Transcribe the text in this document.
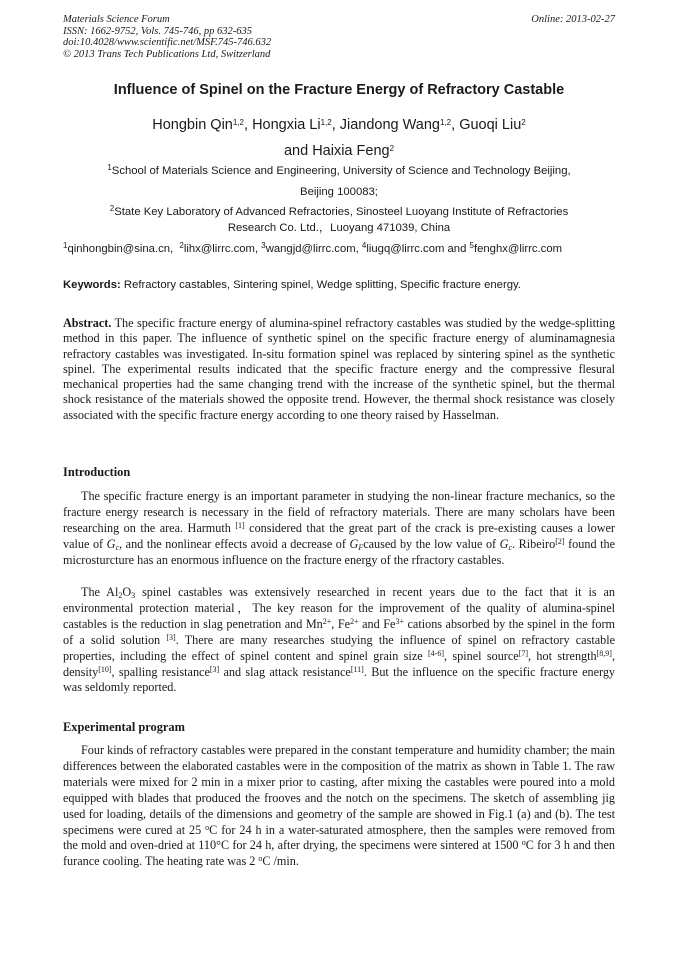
Materials Science Forum
ISSN: 1662-9752, Vols. 745-746, pp 632-635
doi:10.4028/www.scientific.net/MSF.745-746.632
© 2013 Trans Tech Publications Ltd, Switzerland
Online: 2013-02-27
Influence of Spinel on the Fracture Energy of Refractory Castable
Hongbin Qin$^{1,2}$, Hongxia Li$^{1,2}$, Jiandong Wang$^{1,2}$, Guoqi Liu$^2$
and Haixia Feng$^2$
$^1$School of Materials Science and Engineering, University of Science and Technology Beijing,
Beijing 100083;
$^2$State Key Laboratory of Advanced Refractories, Sinosteel Luoyang Institute of Refractories
Research Co. Ltd.，Luoyang 471039, China
$^1$qinhongbin@sina.cn, $^2$lihx@lirrc.com, $^3$wangjd@lirrc.com, $^4$liugq@lirrc.com and $^5$fenghx@lirrc.com
Keywords: Refractory castables, Sintering spinel, Wedge splitting, Specific fracture energy.
Abstract. The specific fracture energy of alumina-spinel refractory castables was studied by the wedge-splitting method in this paper. The influence of synthetic spinel on the specific fracture energy of aluminamagnesia refractory castables was investigated. In-situ formation spinel was replaced by sintering spinel as the synthetic spinel. The experimental results indicated that the specific fracture energy and the compressive flesural mechanical properties had the same changing trend with the increase of the synthetic spinel, but the thermal shock resistance of the materials showed the opposite trend. However, the thermal shock resistance was closely associated with the specific fracture energy according to one theory raised by Hasselman.
Introduction

The specific fracture energy is an important parameter in studying the non-linear fracture mechanics, so the fracture energy research is necessary in the field of refractory materials. There are many scholars have been researching on the area. Harmuth [1] considered that the great part of the crack is pre-existing causes a lower value of $G_c$, and the nonlinear effects avoid a decrease of $G_Fcaused$ by the low value of $G_c$. Ribeiro[2] found the microsturcture has an enormous influence on the fracture energy of the rfractory castables.

The $Al_2O_3$ spinel castables was extensively researched in recent years due to the fact that it is an environmental protection material，The key reason for the improvement of the quality of alumina-spinel castables is the reduction in slag penetration and $Mn^{2+}$, $Fe^{2+}$ and $Fe^{3+}$ cations absorbed by the spinel in the form of a solid solution [3]. There are many researches studying the influence of spinel on refractory castable properties, including the effect of spinel content and spinel grain size [4-6], spinel source[7], hot strength[8,9], density[10], spalling resistance[3] and slag attack resistance[11]. But the influence on the specific fracture energy was seldomly reported.

Experimental program

Four kinds of refractory castables were prepared in the constant temperature and humidity chamber; the main differences between the elaborated castables were in the composition of the matrix as shown in Table 1. The raw materials were mixed for 2 min in a mixer prior to casting, after mixing the castables were poured into a mold equipped with blades that produced the frooves and the notch on the specimens. The sketch of assembling jig used for loading, details of the dimensions and geometry of the sample are showed in Fig.1 (a) and (b). The test specimens were cured at 25 $^o$C for 24 h in a water-saturated atmosphere, then the samples were removed from the mold and oven-dried at 110°C for 24 h, after drying, the specimens were sintered at 1500 $^o$C for 3 h and then furance cooling. The heating rate was 2 $^o$C /min.
